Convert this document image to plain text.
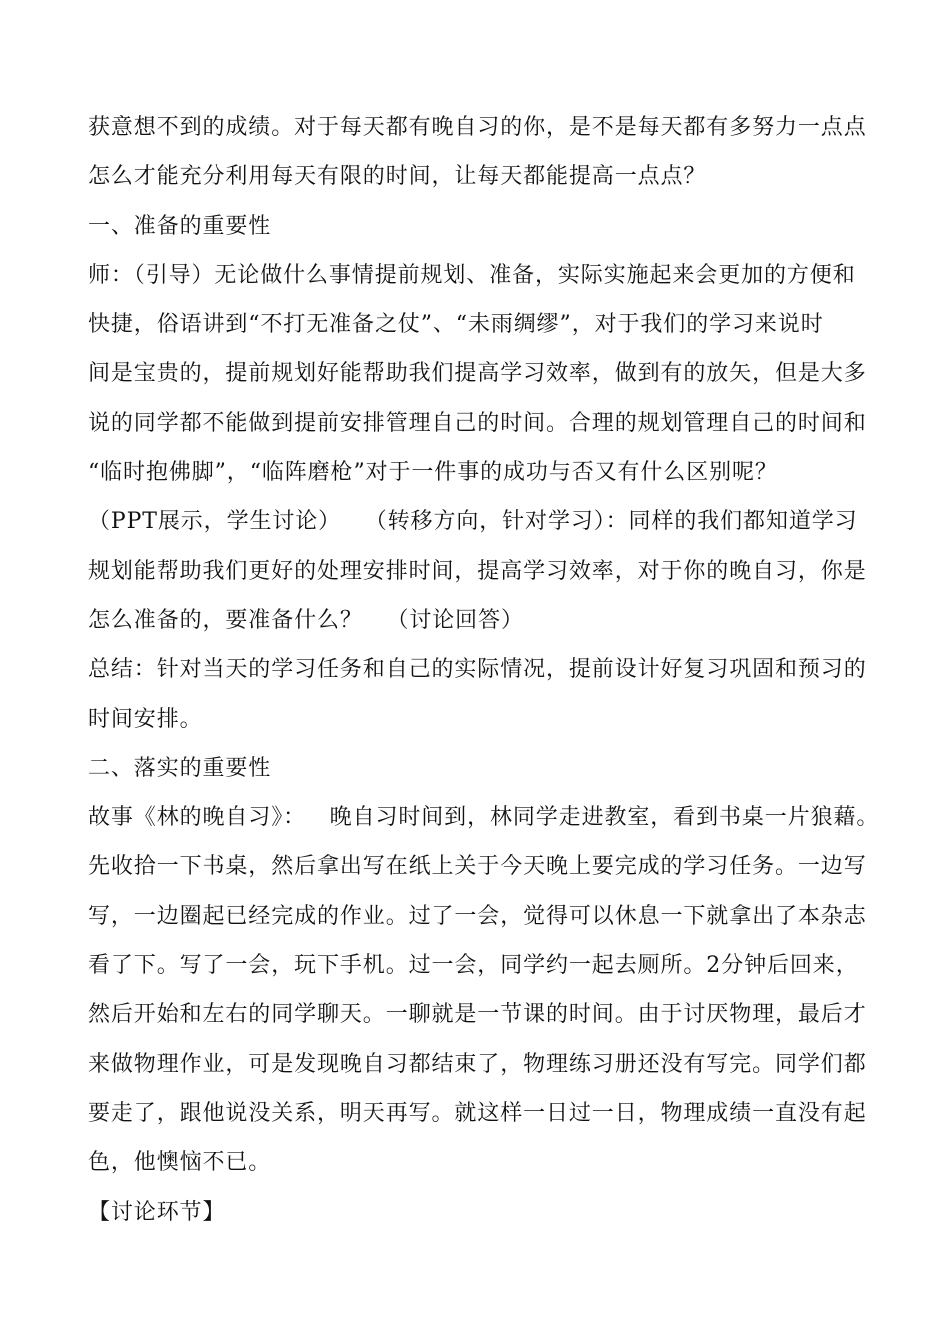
获意想不到的成绩。对于每天都有晚自习的你，是不是每天都有多努力一点点
怎么才能充分利用每天有限的时间，让每天都能提高一点点？
一、准备的重要性
师：（引导）无论做什么事情提前规划、准备，实际实施起来会更加的方便和
快捷，俗语讲到“不打无准备之仗”、“未雨绸缪”，对于我们的学习来说时
间是宝贵的，提前规划好能帮助我们提高学习效率，做到有的放矢，但是大多
说的同学都不能做到提前安排管理自己的时间。合理的规划管理自己的时间和
“临时抱佛脚”，“临阵磨枪”对于一件事的成功与否又有什么区别呢？
（PPT展示，学生讨论）   （转移方向，针对学习）：同样的我们都知道学习
规划能帮助我们更好的处理安排时间，提高学习效率，对于你的晚自习，你是
怎么准备的，要准备什么？   （讨论回答）
总结：针对当天的学习任务和自己的实际情况，提前设计好复习巩固和预习的
时间安排。
二、落实的重要性
故事《林的晚自习》：   晚自习时间到，林同学走进教室，看到书桌一片狼藉。
先收拾一下书桌，然后拿出写在纸上关于今天晚上要完成的学习任务。一边写
写，一边圈起已经完成的作业。过了一会，觉得可以休息一下就拿出了本杂志
看了下。写了一会，玩下手机。过一会，同学约一起去厕所。2分钟后回来，
然后开始和左右的同学聊天。一聊就是一节课的时间。由于讨厌物理，最后才
来做物理作业，可是发现晚自习都结束了，物理练习册还没有写完。同学们都
要走了，跟他说没关系，明天再写。就这样一日过一日，物理成绩一直没有起
色，他懊恼不已。
【讨论环节】
